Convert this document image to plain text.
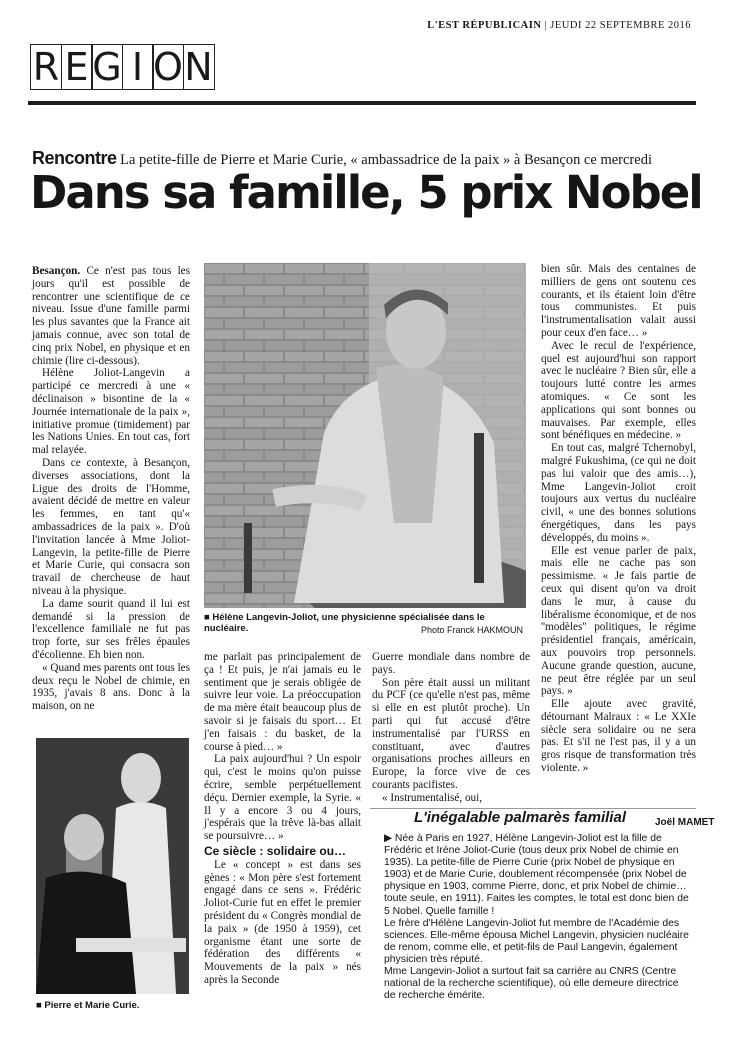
L'EST RÉPUBLICAIN | JEUDI 22 SEPTEMBRE 2016
R E G I O N
Rencontre La petite-fille de Pierre et Marie Curie, « ambassadrice de la paix » à Besançon ce mercredi
Dans sa famille, 5 prix Nobel

Besançon. Ce n'est pas tous les jours qu'il est possible de rencontrer une scientifique de ce niveau. Issue d'une famille parmi les plus savantes que la France ait jamais connue, avec son total de cinq prix Nobel, en physique et en chimie (lire ci-dessous).

Hélène Joliot-Langevin a participé ce mercredi à une « déclinaison » bisontine de la « Journée internationale de la paix », initiative promue (timidement) par les Nations Unies. En tout cas, fort mal relayée.

Dans ce contexte, à Besançon, diverses associations, dont la Ligue des droits de l'Homme, avaient décidé de mettre en valeur les femmes, en tant qu'« ambassadrices de la paix ». D'où l'invitation lancée à Mme Joliot-Langevin, la petite-fille de Pierre et Marie Curie, qui consacra son travail de chercheuse de haut niveau à la physique.

La dame sourit quand il lui est demandé si la pression de l'excellence familiale ne fut pas trop forte, sur ses frêles épaules d'écolienne. Eh bien non.

« Quand mes parents ont tous les deux reçu le Nobel de chimie, en 1935, j'avais 8 ans. Donc à la maison, on ne

■ Hélène Langevin-Joliot, une physicienne spécialisée dans le nucléaire.	Photo Franck HAKMOUN

me parlait pas principalement de ça ! Et puis, je n'ai jamais eu le sentiment que je serais obligée de suivre leur voie. La préoccupation de ma mère était beaucoup plus de savoir si je faisais du sport… Et j'en faisais : du basket, de la course à pied… »

La paix aujourd'hui ? Un espoir qui, c'est le moins qu'on puisse écrire, semble perpétuellement déçu. Dernier exemple, la Syrie. « Il y a encore 3 ou 4 jours, j'espérais que la trêve là-bas allait se poursuivre… »

Ce siècle : solidaire ou…

Le « concept » est dans ses gènes : « Mon père s'est fortement engagé dans ce sens ». Frédéric Joliot-Curie fut en effet le premier président du « Congrès mondial de la paix » (de 1950 à 1959), cet organisme étant une sorte de fédération des différents « Mouvements de la paix » nés après la Seconde

Guerre mondiale dans nombre de pays.

Son père était aussi un militant du PCF (ce qu'elle n'est pas, même si elle en est plutôt proche). Un parti qui fut accusé d'être instrumentalisé par l'URSS en constituant, avec d'autres organisations proches ailleurs en Europe, la force vive de ces courants pacifistes.

« Instrumentalisé, oui,

bien sûr. Mais des centaines de milliers de gens ont soutenu ces courants, et ils étaient loin d'être tous communistes. Et puis l'instrumentalisation valait aussi pour ceux d'en face… »

Avec le recul de l'expérience, quel est aujourd'hui son rapport avec le nucléaire ? Bien sûr, elle a toujours lutté contre les armes atomiques. « Ce sont les applications qui sont bonnes ou mauvaises. Par exemple, elles sont bénéfiques en médecine. »

En tout cas, malgré Tchernobyl, malgré Fukushima, (ce qui ne doit pas lui valoir que des amis…), Mme Langevin-Joliot croit toujours aux vertus du nucléaire civil, « une des bonnes solutions énergétiques, dans les pays développés, du moins ».

Elle est venue parler de paix, mais elle ne cache pas son pessimisme. « Je fais partie de ceux qui disent qu'on va droit dans le mur, à cause du libéralisme économique, et de nos ''modèles'' politiques, le régime présidentiel français, américain, aux pouvoirs trop personnels. Aucune grande question, aucune, ne peut être réglée par un seul pays. »

Elle ajoute avec gravité, détournant Malraux : « Le XXIe siècle sera solidaire ou ne sera pas. Et s'il ne l'est pas, il y a un gros risque de transformation très violente. »

Joël MAMET
■ Pierre et Marie Curie.
L'inégalable palmarès familial

▶ Née à Paris en 1927, Hélène Langevin-Joliot est la fille de Frédéric et Irène Joliot-Curie (tous deux prix Nobel de chimie en 1935). La petite-fille de Pierre Curie (prix Nobel de physique en 1903) et de Marie Curie, doublement récompensée (prix Nobel de physique en 1903, comme Pierre, donc, et prix Nobel de chimie… toute seule, en 1911). Faites les comptes, le total est donc bien de 5 Nobel. Quelle famille !

Le frère d'Hélène Langevin-Joliot fut membre de l'Académie des sciences. Elle-même épousa Michel Langevin, physicien nucléaire de renom, comme elle, et petit-fils de Paul Langevin, également physicien très réputé.

Mme Langevin-Joliot a surtout fait sa carrière au CNRS (Centre national de la recherche scientifique), où elle demeure directrice de recherche émérite.
